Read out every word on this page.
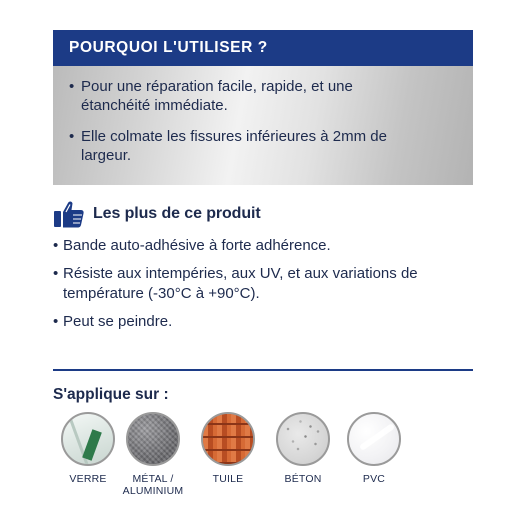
POURQUOI L'UTILISER ?
• Pour une réparation facile, rapide, et une étanchéité immédiate.
• Elle colmate les fissures inférieures à 2mm de largeur.
Les plus de ce produit
• Bande auto-adhésive à forte adhérence.
• Résiste aux intempéries, aux UV, et aux variations de température (-30°C à +90°C).
• Peut se peindre.
S'applique sur :
VERRE	MÉTAL / ALUMINIUM
TUILE	BÉTON	PVC
